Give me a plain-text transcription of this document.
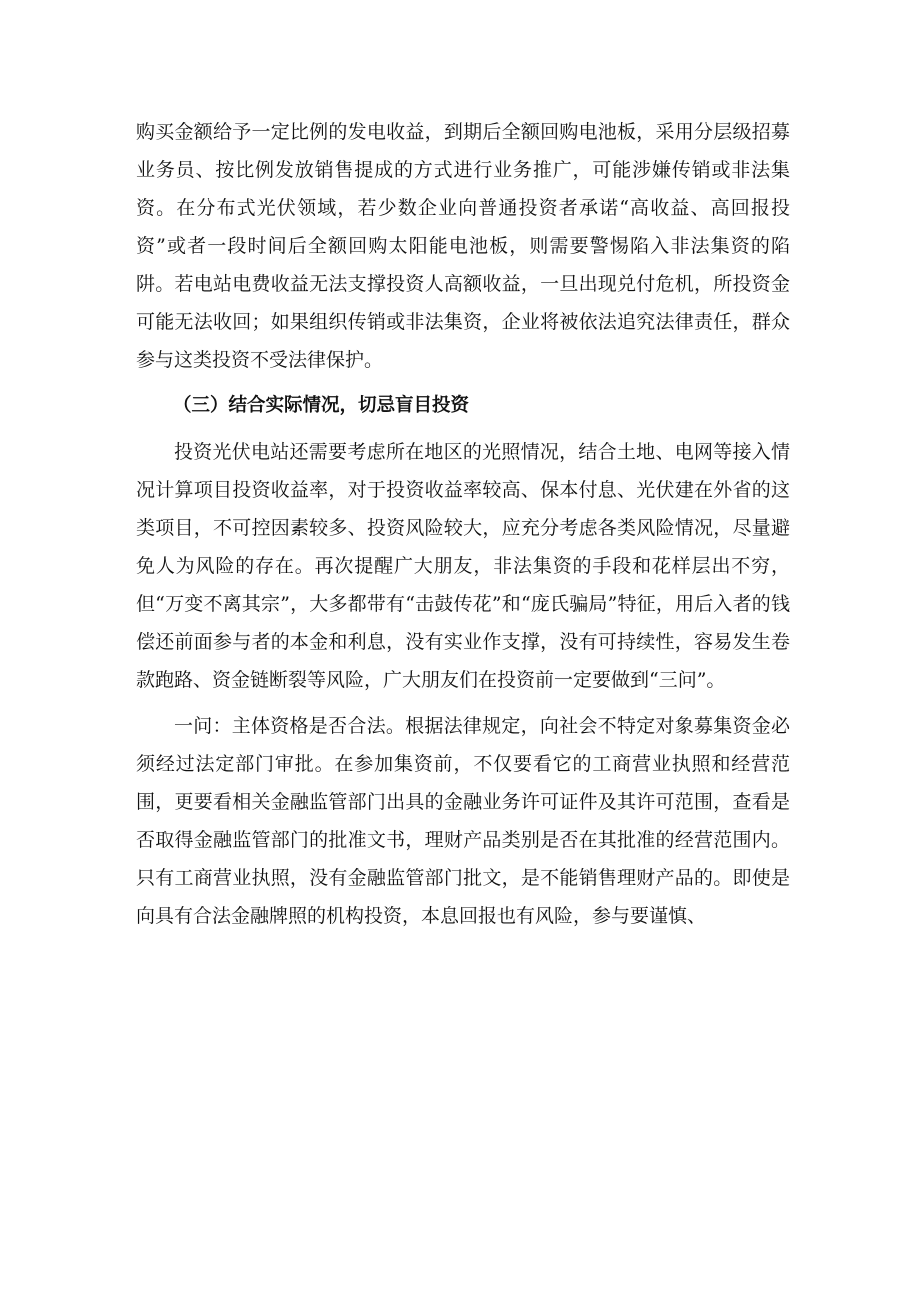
购买金额给予一定比例的发电收益，到期后全额回购电池板，采用分层级招募业务员、按比例发放销售提成的方式进行业务推广，可能涉嫌传销或非法集资。在分布式光伏领域，若少数企业向普通投资者承诺“高收益、高回报投资”或者一段时间后全额回购太阳能电池板，则需要警惕陷入非法集资的陷阱。若电站电费收益无法支撑投资人高额收益，一旦出现兑付危机，所投资金可能无法收回；如果组织传销或非法集资，企业将被依法追究法律责任，群众参与这类投资不受法律保护。

（三）结合实际情况，切忌盲目投资

投资光伏电站还需要考虑所在地区的光照情况，结合土地、电网等接入情况计算项目投资收益率，对于投资收益率较高、保本付息、光伏建在外省的这类项目，不可控因素较多、投资风险较大，应充分考虑各类风险情况，尽量避免人为风险的存在。再次提醒广大朋友，非法集资的手段和花样层出不穷，但“万变不离其宗”，大多都带有“击鼓传花”和“庞氏骗局”特征，用后入者的钱偿还前面参与者的本金和利息，没有实业作支撑，没有可持续性，容易发生卷款跑路、资金链断裂等风险，广大朋友们在投资前一定要做到“三问”。

一问：主体资格是否合法。根据法律规定，向社会不特定对象募集资金必须经过法定部门审批。在参加集资前，不仅要看它的工商营业执照和经营范围，更要看相关金融监管部门出具的金融业务许可证件及其许可范围，查看是否取得金融监管部门的批准文书，理财产品类别是否在其批准的经营范围内。只有工商营业执照，没有金融监管部门批文，是不能销售理财产品的。即使是向具有合法金融牌照的机构投资，本息回报也有风险，参与要谨慎、
